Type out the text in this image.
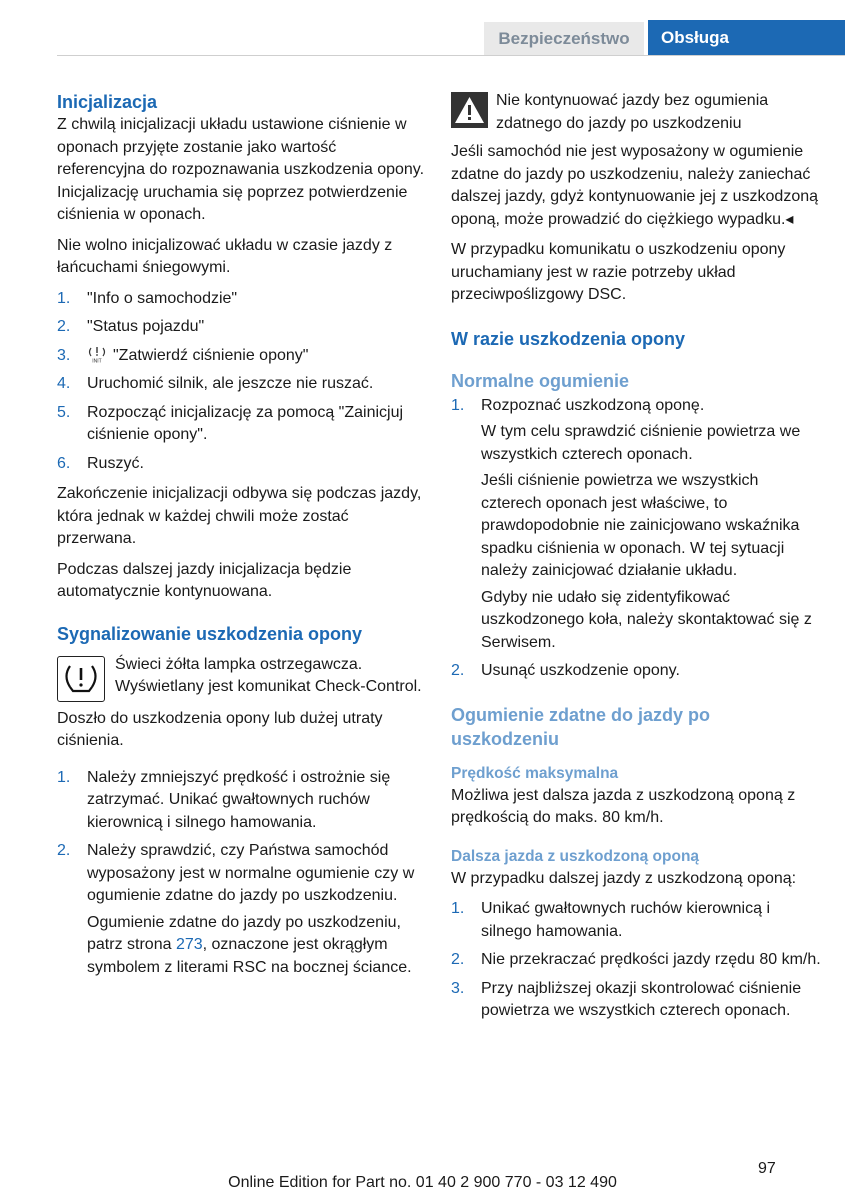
Bezpieczeństwo	Obsługa
Inicjalizacja

Z chwilą inicjalizacji układu ustawione ciśnienie w oponach przyjęte zostanie jako wartość referencyjna do rozpoznawania uszkodzenia opony. Inicjalizację uruchamia się poprzez potwierdzenie ciśnienia w oponach.

Nie wolno inicjalizować układu w czasie jazdy z łańcuchami śniegowymi.

1.	"Info o samochodzie"
2.	"Status pojazdu"
3.	INIT "Zatwierdź ciśnienie opony"
4.	Uruchomić silnik, ale jeszcze nie ruszać.
5.	Rozpocząć inicjalizację za pomocą "Zainicjuj ciśnienie opony".
6.	Ruszyć.

Zakończenie inicjalizacji odbywa się podczas jazdy, która jednak w każdej chwili może zostać przerwana.

Podczas dalszej jazdy inicjalizacja będzie automatycznie kontynuowana.

Sygnalizowanie uszkodzenia opony
Świeci żółta lampka ostrzegawcza. Wyświetlany jest komunikat Check-Control.

Doszło do uszkodzenia opony lub dużej utraty ciśnienia.

1.	Należy zmniejszyć prędkość i ostrożnie się zatrzymać. Unikać gwałtownych ruchów kierownicą i silnego hamowania.
2.	Należy sprawdzić, czy Państwa samochód wyposażony jest w normalne ogumienie czy w ogumienie zdatne do jazdy po uszkodzeniu.
Ogumienie zdatne do jazdy po uszkodzeniu, patrz strona 273, oznaczone jest okrągłym symbolem z literami RSC na bocznej ściance.
Nie kontynuować jazdy bez ogumienia zdatnego do jazdy po uszkodzeniu

Jeśli samochód nie jest wyposażony w ogumienie zdatne do jazdy po uszkodzeniu, należy zaniechać dalszej jazdy, gdyż kontynuowanie jej z uszkodzoną oponą, może prowadzić do ciężkiego wypadku.◂

W przypadku komunikatu o uszkodzeniu opony uruchamiany jest w razie potrzeby układ przeciwpoślizgowy DSC.

W razie uszkodzenia opony
Normalne ogumienie
1.	Rozpoznać uszkodzoną oponę.
W tym celu sprawdzić ciśnienie powietrza we wszystkich czterech oponach.
Jeśli ciśnienie powietrza we wszystkich czterech oponach jest właściwe, to prawdopodobnie nie zainicjowano wskaźnika spadku ciśnienia w oponach. W tej sytuacji należy zainicjować działanie układu.
Gdyby nie udało się zidentyfikować uszkodzonego koła, należy skontaktować się z Serwisem.
2.	Usunąć uszkodzenie opony.
Ogumienie zdatne do jazdy po uszkodzeniu
Prędkość maksymalna

Możliwa jest dalsza jazda z uszkodzoną oponą z prędkością do maks. 80 km/h.

Dalsza jazda z uszkodzoną oponą

W przypadku dalszej jazdy z uszkodzoną oponą:

1.	Unikać gwałtownych ruchów kierownicą i silnego hamowania.
2.	Nie przekraczać prędkości jazdy rzędu 80 km/h.
3.	Przy najbliższej okazji skontrolować ciśnienie powietrza we wszystkich czterech oponach.
97
Online Edition for Part no. 01 40 2 900 770 - 03 12 490
